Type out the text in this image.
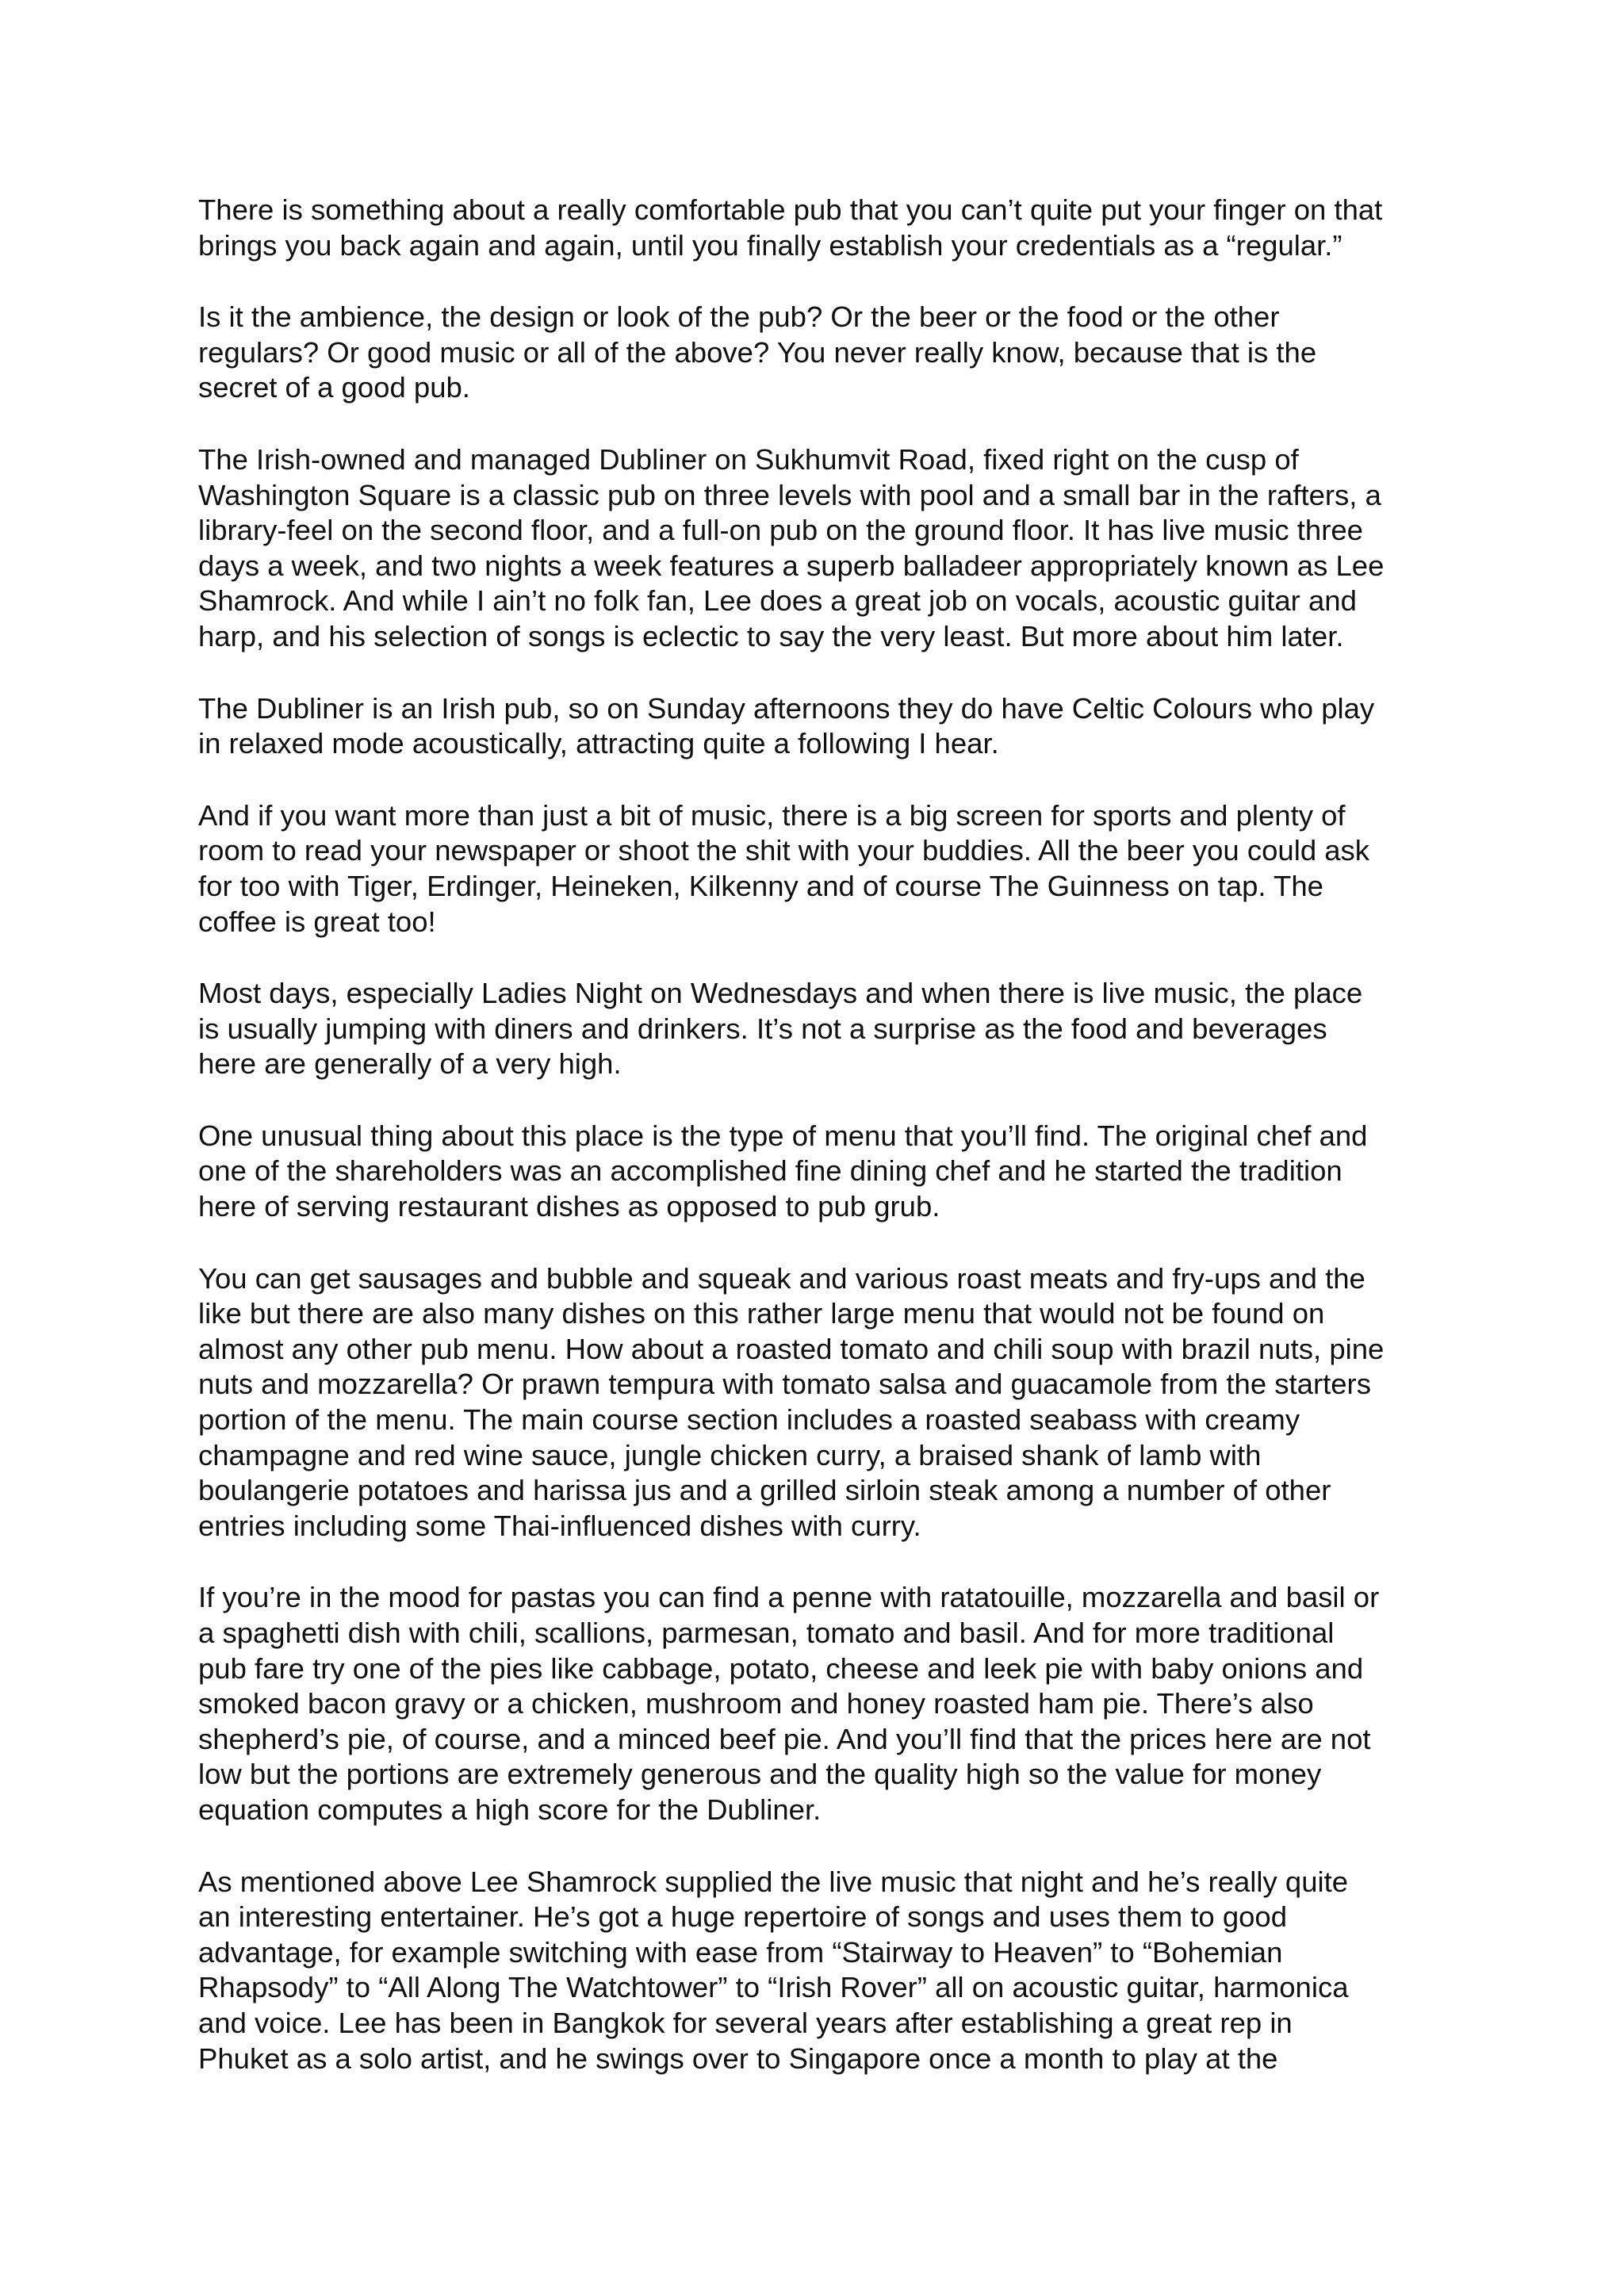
There is something about a really comfortable pub that you can’t quite put your finger on that
brings you back again and again, until you finally establish your credentials as a “regular.”

Is it the ambience, the design or look of the pub? Or the beer or the food or the other
regulars? Or good music or all of the above? You never really know, because that is the
secret of a good pub.

The Irish-owned and managed Dubliner on Sukhumvit Road, fixed right on the cusp of
Washington Square is a classic pub on three levels with pool and a small bar in the rafters, a
library-feel on the second floor, and a full-on pub on the ground floor. It has live music three
days a week, and two nights a week features a superb balladeer appropriately known as Lee
Shamrock. And while I ain’t no folk fan, Lee does a great job on vocals, acoustic guitar and
harp, and his selection of songs is eclectic to say the very least. But more about him later.

The Dubliner is an Irish pub, so on Sunday afternoons they do have Celtic Colours who play
in relaxed mode acoustically, attracting quite a following I hear.

And if you want more than just a bit of music, there is a big screen for sports and plenty of
room to read your newspaper or shoot the shit with your buddies. All the beer you could ask
for too with Tiger, Erdinger, Heineken, Kilkenny and of course The Guinness on tap. The
coffee is great too!

Most days, especially Ladies Night on Wednesdays and when there is live music, the place
is usually jumping with diners and drinkers. It’s not a surprise as the food and beverages
here are generally of a very high.

One unusual thing about this place is the type of menu that you’ll find. The original chef and
one of the shareholders was an accomplished fine dining chef and he started the tradition
here of serving restaurant dishes as opposed to pub grub.

You can get sausages and bubble and squeak and various roast meats and fry-ups and the
like but there are also many dishes on this rather large menu that would not be found on
almost any other pub menu. How about a roasted tomato and chili soup with brazil nuts, pine
nuts and mozzarella? Or prawn tempura with tomato salsa and guacamole from the starters
portion of the menu. The main course section includes a roasted seabass with creamy
champagne and red wine sauce, jungle chicken curry, a braised shank of lamb with
boulangerie potatoes and harissa jus and a grilled sirloin steak among a number of other
entries including some Thai-influenced dishes with curry.

If you’re in the mood for pastas you can find a penne with ratatouille, mozzarella and basil or
a spaghetti dish with chili, scallions, parmesan, tomato and basil. And for more traditional
pub fare try one of the pies like cabbage, potato, cheese and leek pie with baby onions and
smoked bacon gravy or a chicken, mushroom and honey roasted ham pie. There’s also
shepherd’s pie, of course, and a minced beef pie. And you’ll find that the prices here are not
low but the portions are extremely generous and the quality high so the value for money
equation computes a high score for the Dubliner.

As mentioned above Lee Shamrock supplied the live music that night and he’s really quite
an interesting entertainer. He’s got a huge repertoire of songs and uses them to good
advantage, for example switching with ease from “Stairway to Heaven” to “Bohemian
Rhapsody” to “All Along The Watchtower” to “Irish Rover” all on acoustic guitar, harmonica
and voice. Lee has been in Bangkok for several years after establishing a great rep in
Phuket as a solo artist, and he swings over to Singapore once a month to play at the
